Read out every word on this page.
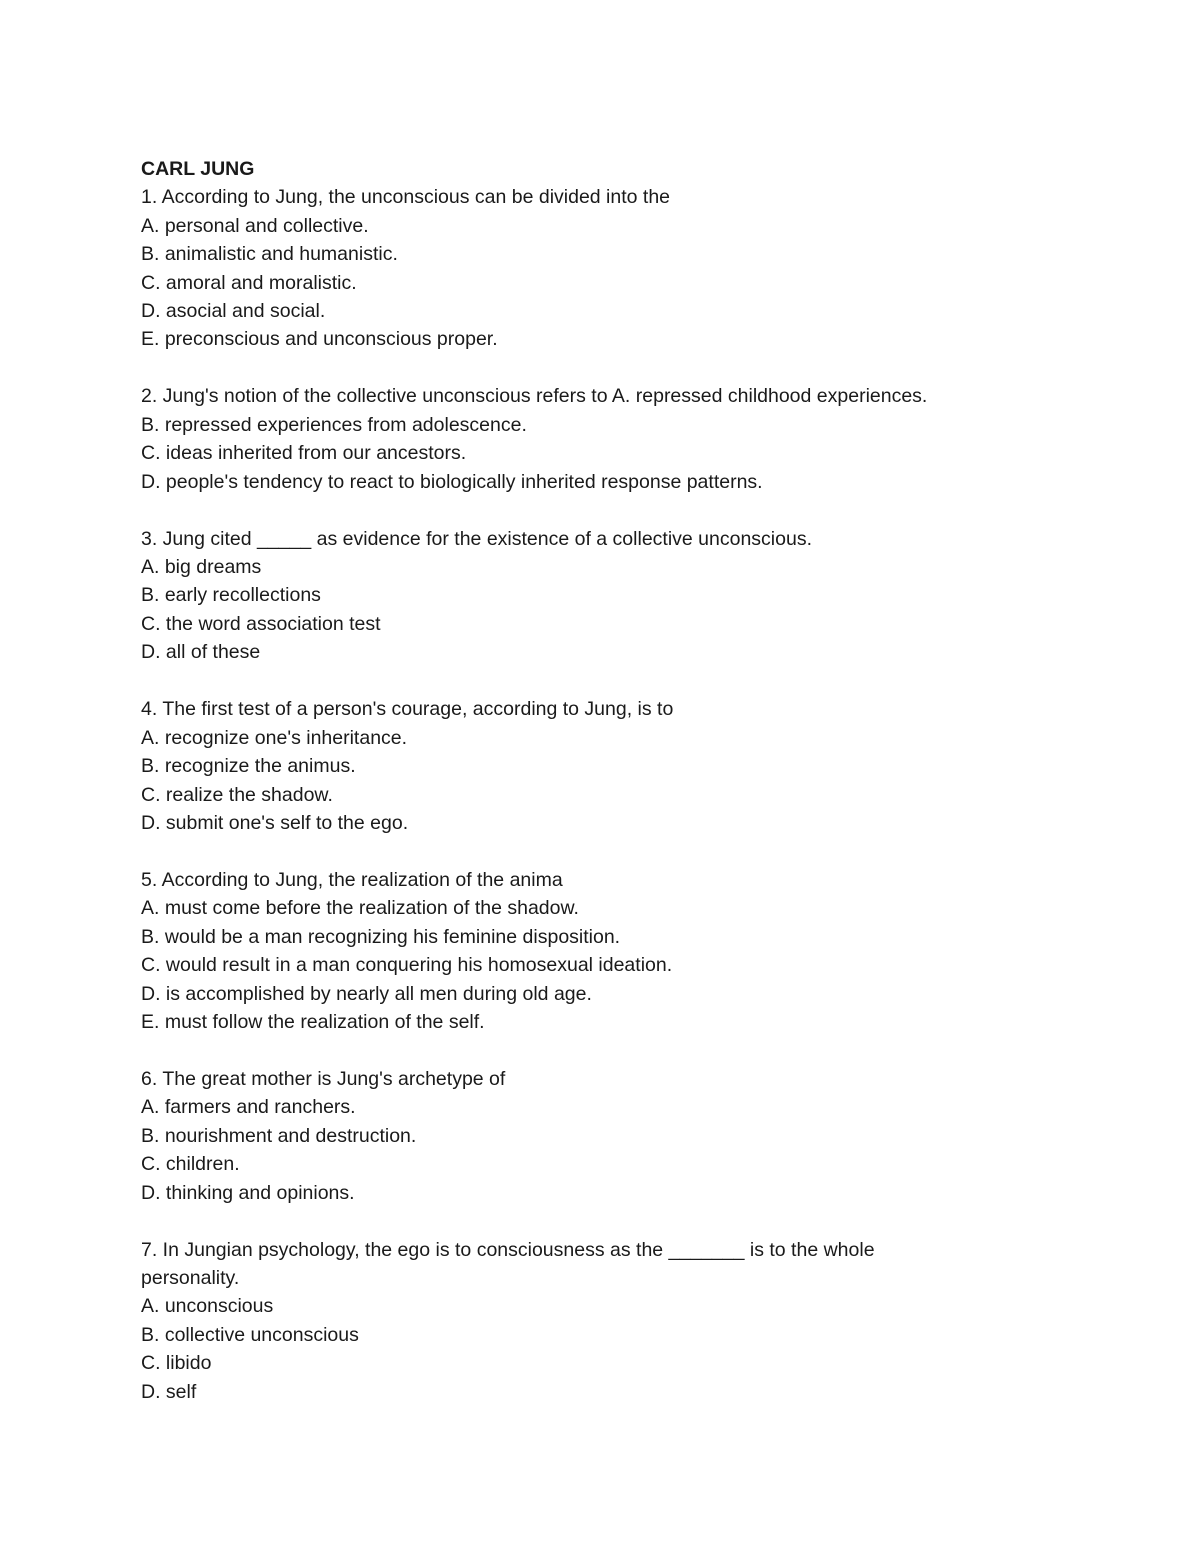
CARL JUNG
1. According to Jung, the unconscious can be divided into the
A. personal and collective.
B. animalistic and humanistic.
C. amoral and moralistic.
D. asocial and social.
E. preconscious and unconscious proper.
2. Jung's notion of the collective unconscious refers to A. repressed childhood experiences.
B. repressed experiences from adolescence.
C. ideas inherited from our ancestors.
D. people's tendency to react to biologically inherited response patterns.
3. Jung cited _____ as evidence for the existence of a collective unconscious.
A. big dreams
B. early recollections
C. the word association test
D. all of these
4. The first test of a person's courage, according to Jung, is to
A. recognize one's inheritance.
B. recognize the animus.
C. realize the shadow.
D. submit one's self to the ego.
5. According to Jung, the realization of the anima
A. must come before the realization of the shadow.
B. would be a man recognizing his feminine disposition.
C. would result in a man conquering his homosexual ideation.
D. is accomplished by nearly all men during old age.
E. must follow the realization of the self.
6. The great mother is Jung's archetype of
A. farmers and ranchers.
B. nourishment and destruction.
C. children.
D. thinking and opinions.
7. In Jungian psychology, the ego is to consciousness as the _______ is to the whole personality.
A. unconscious
B. collective unconscious
C. libido
D. self
